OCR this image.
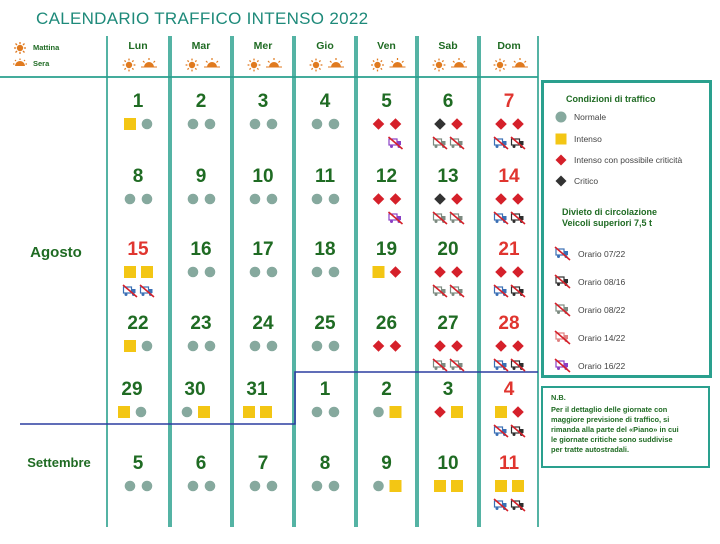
CALENDARIO TRAFFICO INTENSO 2022
Mattina
Sera
Lun	Mar	Mer	Gio	Ven	Sab	Dom
Agosto
Settembre
1	2	3	4	5	6	7
8	9 10 11 12 13 14
15 16 17 18 19 20 21
22 23 24 25 26 27 28
29 30 31	1	2	3	4
5	6	7	8	9 10 11
Condizioni di traffico
Normale
Intenso
Intenso con possibile criticità
Critico
Divieto di circolazione
Veicoli superiori 7,5 t
Orario 07/22
Orario 08/16
Orario 08/22
Orario 14/22
Orario 16/22
N.B.
Per il dettaglio delle giornate con
maggiore previsione di traffico, si
rimanda alla parte del «Piano» in cui
le giornate critiche sono suddivise
per tratte autostradali.
